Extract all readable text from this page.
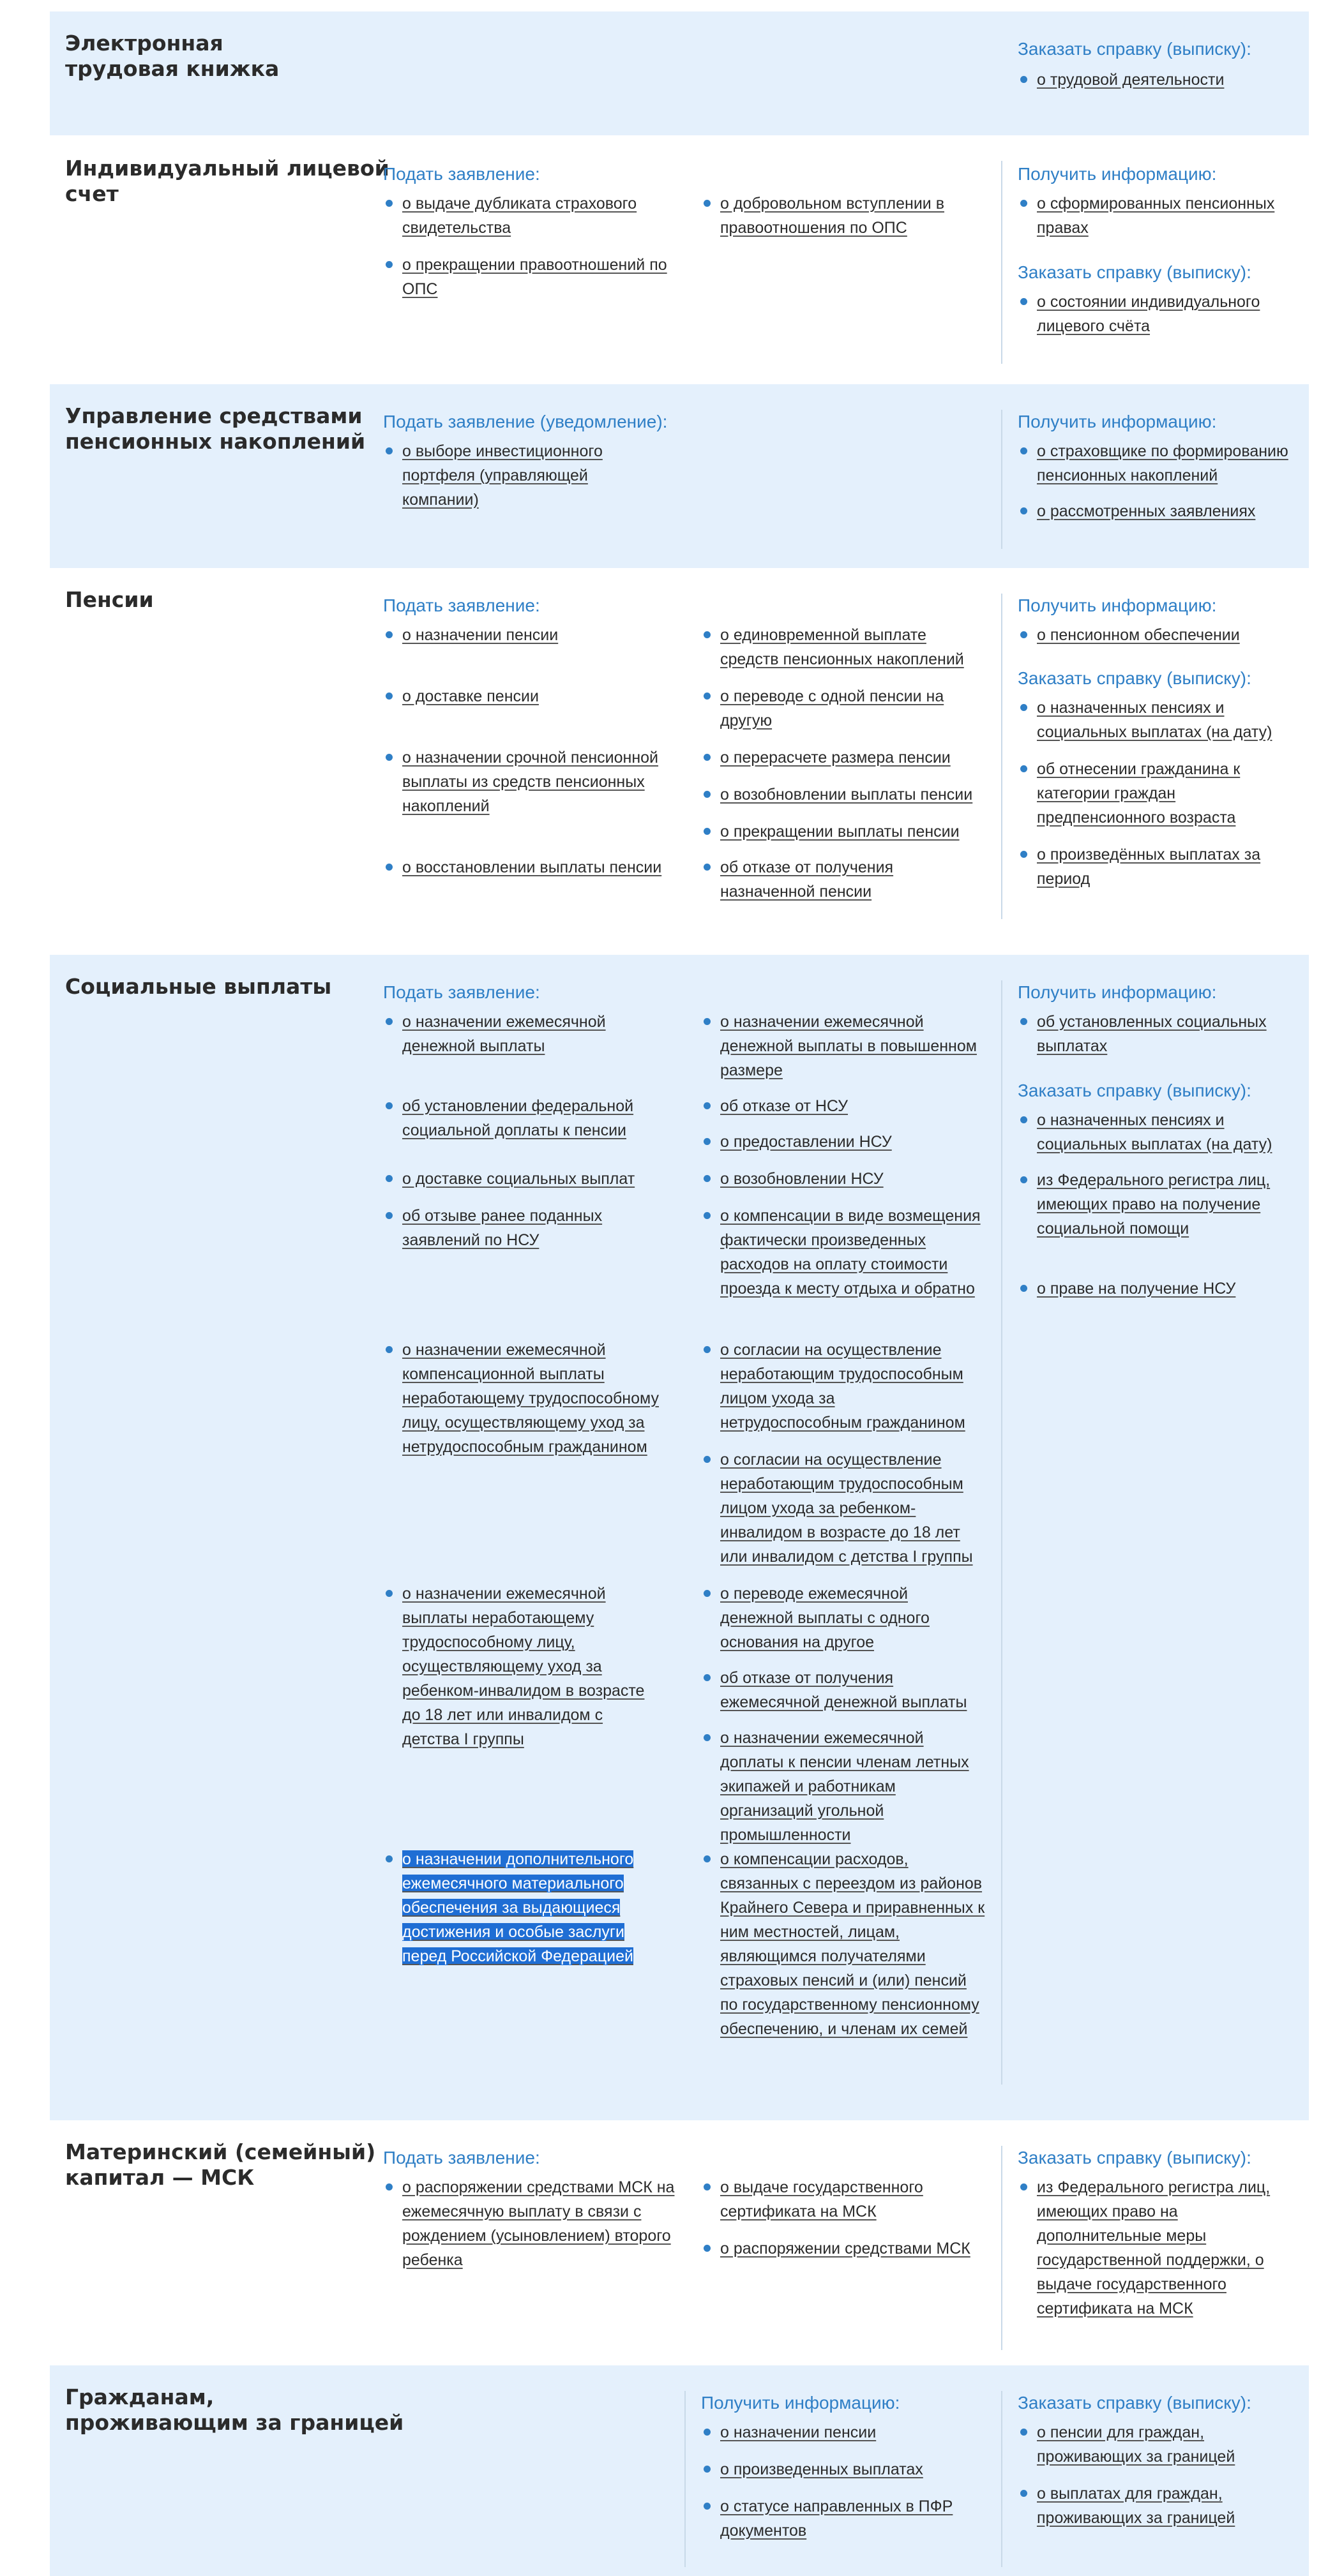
Электронная
трудовая книжка
Заказать справку (выписку):
о трудовой деятельности
Индивидуальный лицевой
счет
Подать заявление:
о выдаче дубликата страхового свидетельства
о прекращении правоотношений по ОПС
о добровольном вступлении в правоотношения по ОПС
Получить информацию:
о сформированных пенсионных правах
Заказать справку (выписку):
о состоянии индивидуального лицевого счёта
Управление средствами
пенсионных накоплений
Подать заявление (уведомление):
о выборе инвестиционного портфеля (управляющей компании)
Получить информацию:
о страховщике по формированию пенсионных накоплений
о рассмотренных заявлениях
Пенсии	Подать заявление:
о назначении пенсии
о доставке пенсии
о назначении срочной пенсионной выплаты из средств пенсионных накоплений
о восстановлении выплаты пенсии
о единовременной выплате средств пенсионных накоплений
о переводе с одной пенсии на другую
о перерасчете размера пенсии
о возобновлении выплаты пенсии
о прекращении выплаты пенсии
об отказе от получения назначенной пенсии
Получить информацию:
о пенсионном обеспечении
Заказать справку (выписку):
о назначенных пенсиях и социальных выплатах (на дату)
об отнесении гражданина к категории граждан предпенсионного возраста
о произведённых выплатах за период
Социальные выплаты	Подать заявление:
о назначении ежемесячной денежной выплаты
об установлении федеральной социальной доплаты к пенсии
о доставке социальных выплат
об отзыве ранее поданных заявлений по НСУ
о назначении ежемесячной компенсационной выплаты неработающему трудоспособному лицу, осуществляющему уход за нетрудоспособным гражданином
о назначении ежемесячной выплаты неработающему трудоспособному лицу, осуществляющему уход за ребенком-инвалидом в возрасте до 18 лет или инвалидом с детства I группы
о назначении дополнительного ежемесячного материального обеспечения за выдающиеся достижения и особые заслуги перед Российской Федерацией
о назначении ежемесячной денежной выплаты в повышенном размере
об отказе от НСУ
о предоставлении НСУ
о возобновлении НСУ
о компенсации в виде возмещения фактически произведенных расходов на оплату стоимости проезда к месту отдыха и обратно
о согласии на осуществление неработающим трудоспособным лицом ухода за нетрудоспособным гражданином
о согласии на осуществление неработающим трудоспособным лицом ухода за ребенком-инвалидом в возрасте до 18 лет или инвалидом с детства I группы
о переводе ежемесячной денежной выплаты с одного основания на другое
об отказе от получения ежемесячной денежной выплаты
о назначении ежемесячной доплаты к пенсии членам летных экипажей и работникам организаций угольной промышленности
о компенсации расходов, связанных с переездом из районов Крайнего Севера и приравненных к ним местностей, лицам, являющимся получателями страховых пенсий и (или) пенсий по государственному пенсионному обеспечению, и членам их семей
Получить информацию:
об установленных социальных выплатах
Заказать справку (выписку):
о назначенных пенсиях и социальных выплатах (на дату)
из Федерального регистра лиц, имеющих право на получение социальной помощи
о праве на получение НСУ
Материнский (семейный)
капитал — МСК
Подать заявление:
о распоряжении средствами МСК на ежемесячную выплату в связи с рождением (усыновлением) второго ребенка
о выдаче государственного сертификата на МСК
о распоряжении средствами МСК
Заказать справку (выписку):
из Федерального регистра лиц, имеющих право на дополнительные меры государственной поддержки, о выдаче государственного сертификата на МСК
Гражданам,
проживающим за границей
Получить информацию:
о назначении пенсии
о произведенных выплатах
о статусе направленных в ПФР документов
Заказать справку (выписку):
о пенсии для граждан, проживающих за границей
о выплатах для граждан, проживающих за границей
